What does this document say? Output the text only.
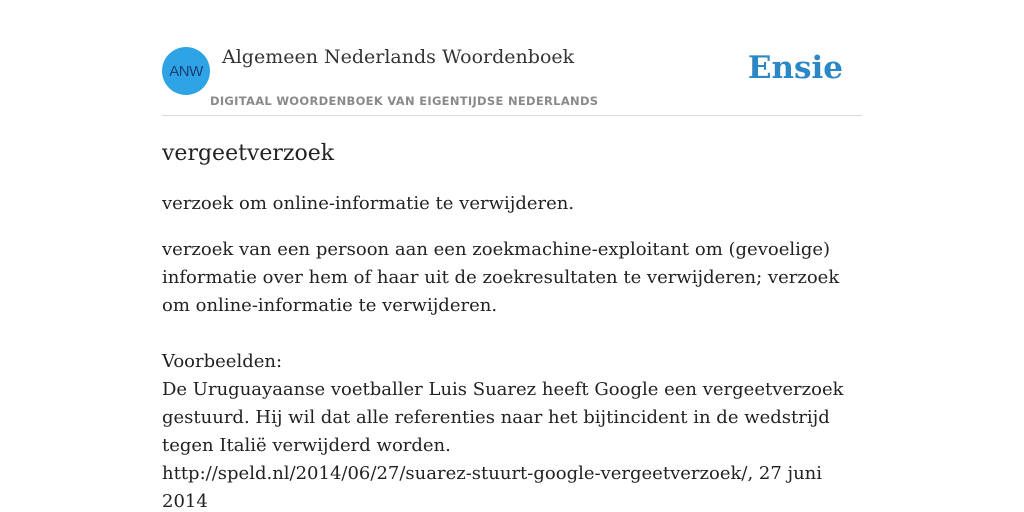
ANW
Algemeen Nederlands Woordenboek
DIGITAAL WOORDENBOEK VAN EIGENTIJDSE NEDERLANDS
Ensie
vergeetverzoek

verzoek om online-informatie te verwijderen.

verzoek van een persoon aan een zoekmachine-exploitant om (gevoelige) informatie over hem of haar uit de zoekresultaten te verwijderen; verzoek om online-informatie te verwijderen.

Voorbeelden:

De Uruguayaanse voetballer Luis Suarez heeft Google een vergeetverzoek gestuurd. Hij wil dat alle referenties naar het bijtincident in de wedstrijd tegen Italië verwijderd worden.

http://speld.nl/2014/06/27/suarez-stuurt-google-vergeetverzoek/, 27 juni 2014
